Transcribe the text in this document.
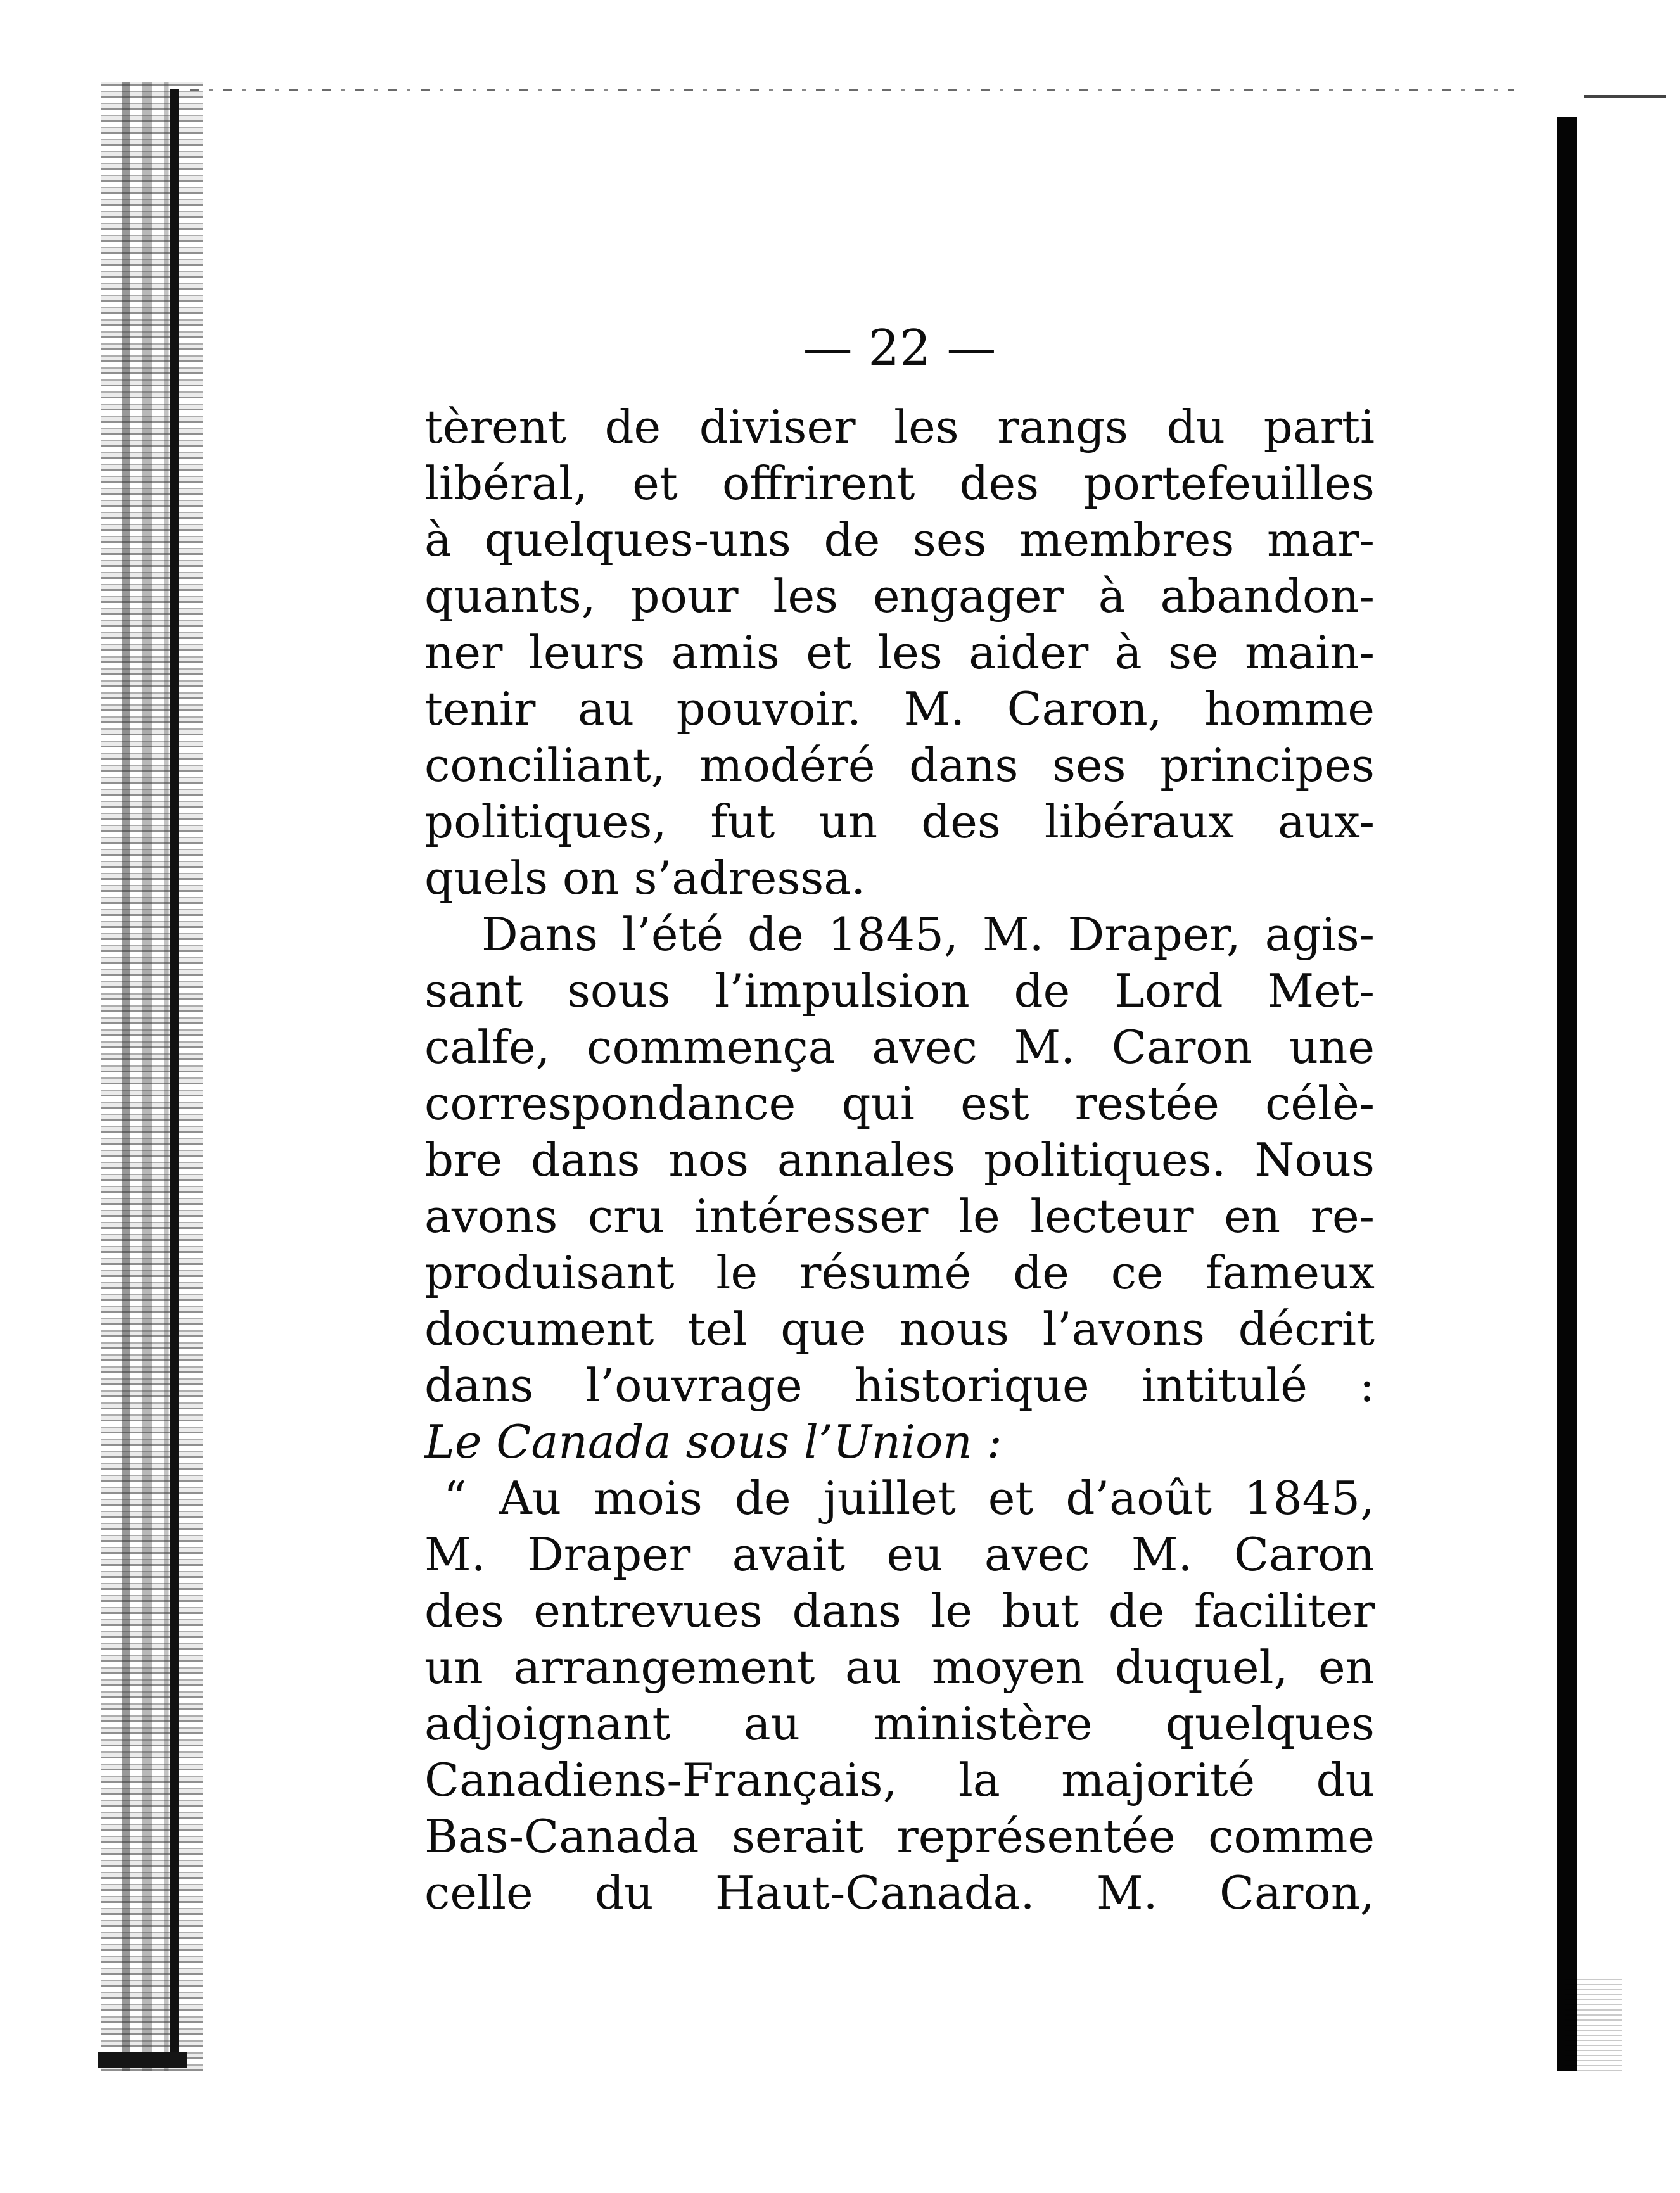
— 22 —
tèrent de diviser les rangs du parti
libéral, et offrirent des portefeuilles
à quelques-uns de ses membres mar-
quants, pour les engager à abandon-
ner leurs amis et les aider à se main-
tenir au pouvoir. M. Caron, homme
conciliant, modéré dans ses principes
politiques, fut un des libéraux aux-
quels on s’adressa.
Dans l’été de 1845, M. Draper, agis-
sant sous l’impulsion de Lord Met-
calfe, commença avec M. Caron une
correspondance qui est restée célè-
bre dans nos annales politiques. Nous
avons cru intéresser le lecteur en re-
produisant le résumé de ce fameux
document tel que nous l’avons décrit
dans l’ouvrage historique intitulé :
Le Canada sous l’Union :
“ Au mois de juillet et d’août 1845,
M. Draper avait eu avec M. Caron
des entrevues dans le but de faciliter
un arrangement au moyen duquel, en
adjoignant au ministère quelques
Canadiens-Français, la majorité du
Bas-Canada serait représentée comme
celle du Haut-Canada. M. Caron,
